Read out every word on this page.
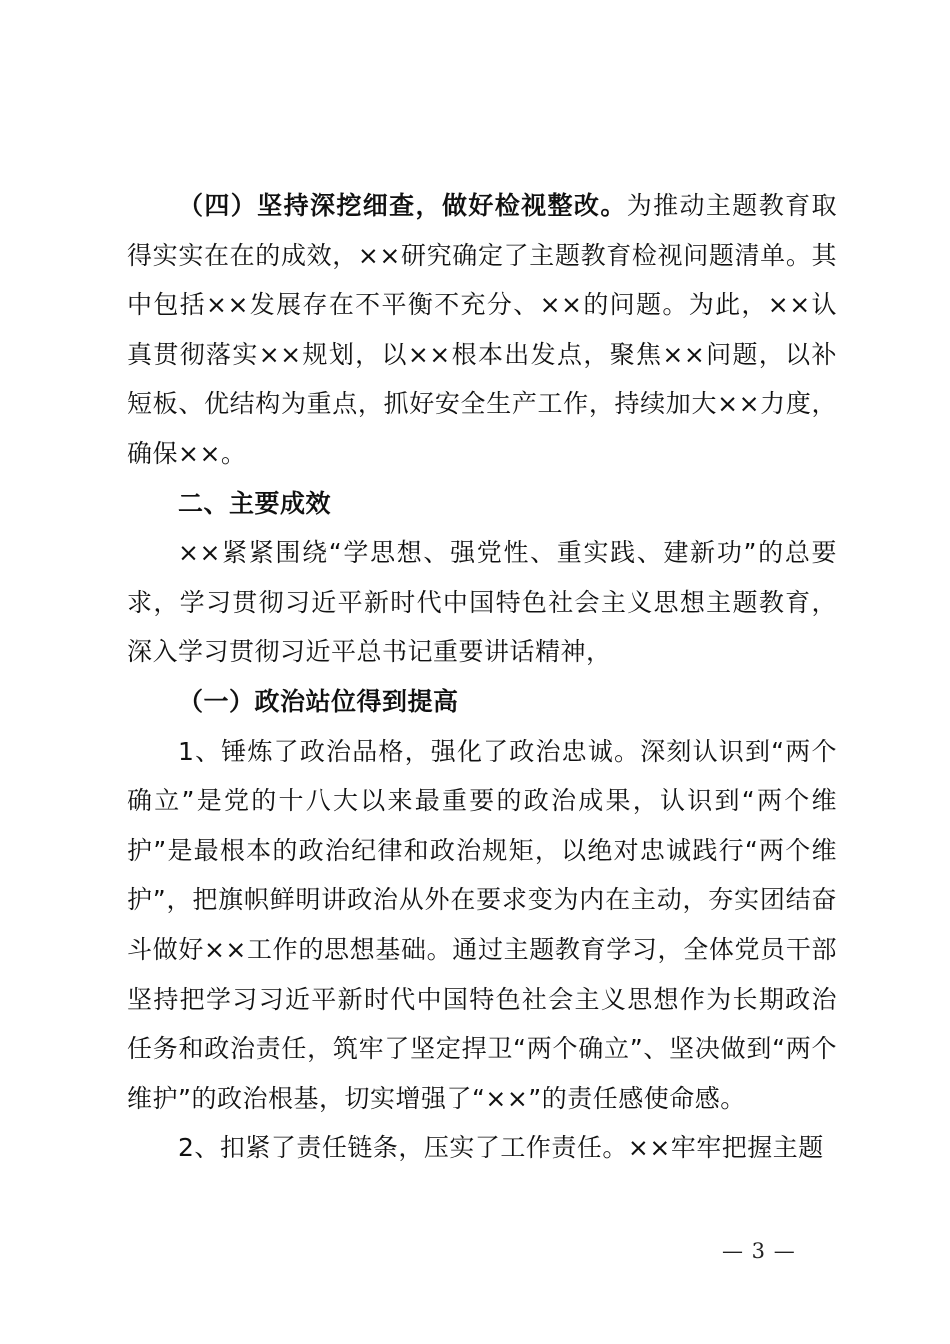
（四）坚持深挖细查，做好检视整改。为推动主题教育取得实实在在的成效，××研究确定了主题教育检视问题清单。其中包括××发展存在不平衡不充分、××的问题。为此，××认真贯彻落实××规划，以××根本出发点，聚焦××问题，以补短板、优结构为重点，抓好安全生产工作，持续加大××力度，确保××。

二、主要成效

××紧紧围绕“学思想、强党性、重实践、建新功”的总要求，学习贯彻习近平新时代中国特色社会主义思想主题教育，深入学习贯彻习近平总书记重要讲话精神，

（一）政治站位得到提高

1、锤炼了政治品格，强化了政治忠诚。深刻认识到“两个确立”是党的十八大以来最重要的政治成果，认识到“两个维护”是最根本的政治纪律和政治规矩，以绝对忠诚践行“两个维护”，把旗帜鲜明讲政治从外在要求变为内在主动，夯实团结奋斗做好××工作的思想基础。通过主题教育学习，全体党员干部坚持把学习习近平新时代中国特色社会主义思想作为长期政治任务和政治责任，筑牢了坚定捍卫“两个确立”、坚决做到“两个维护”的政治根基，切实增强了“××”的责任感使命感。

2、扣紧了责任链条，压实了工作责任。××牢牢把握主题

— 3 —
